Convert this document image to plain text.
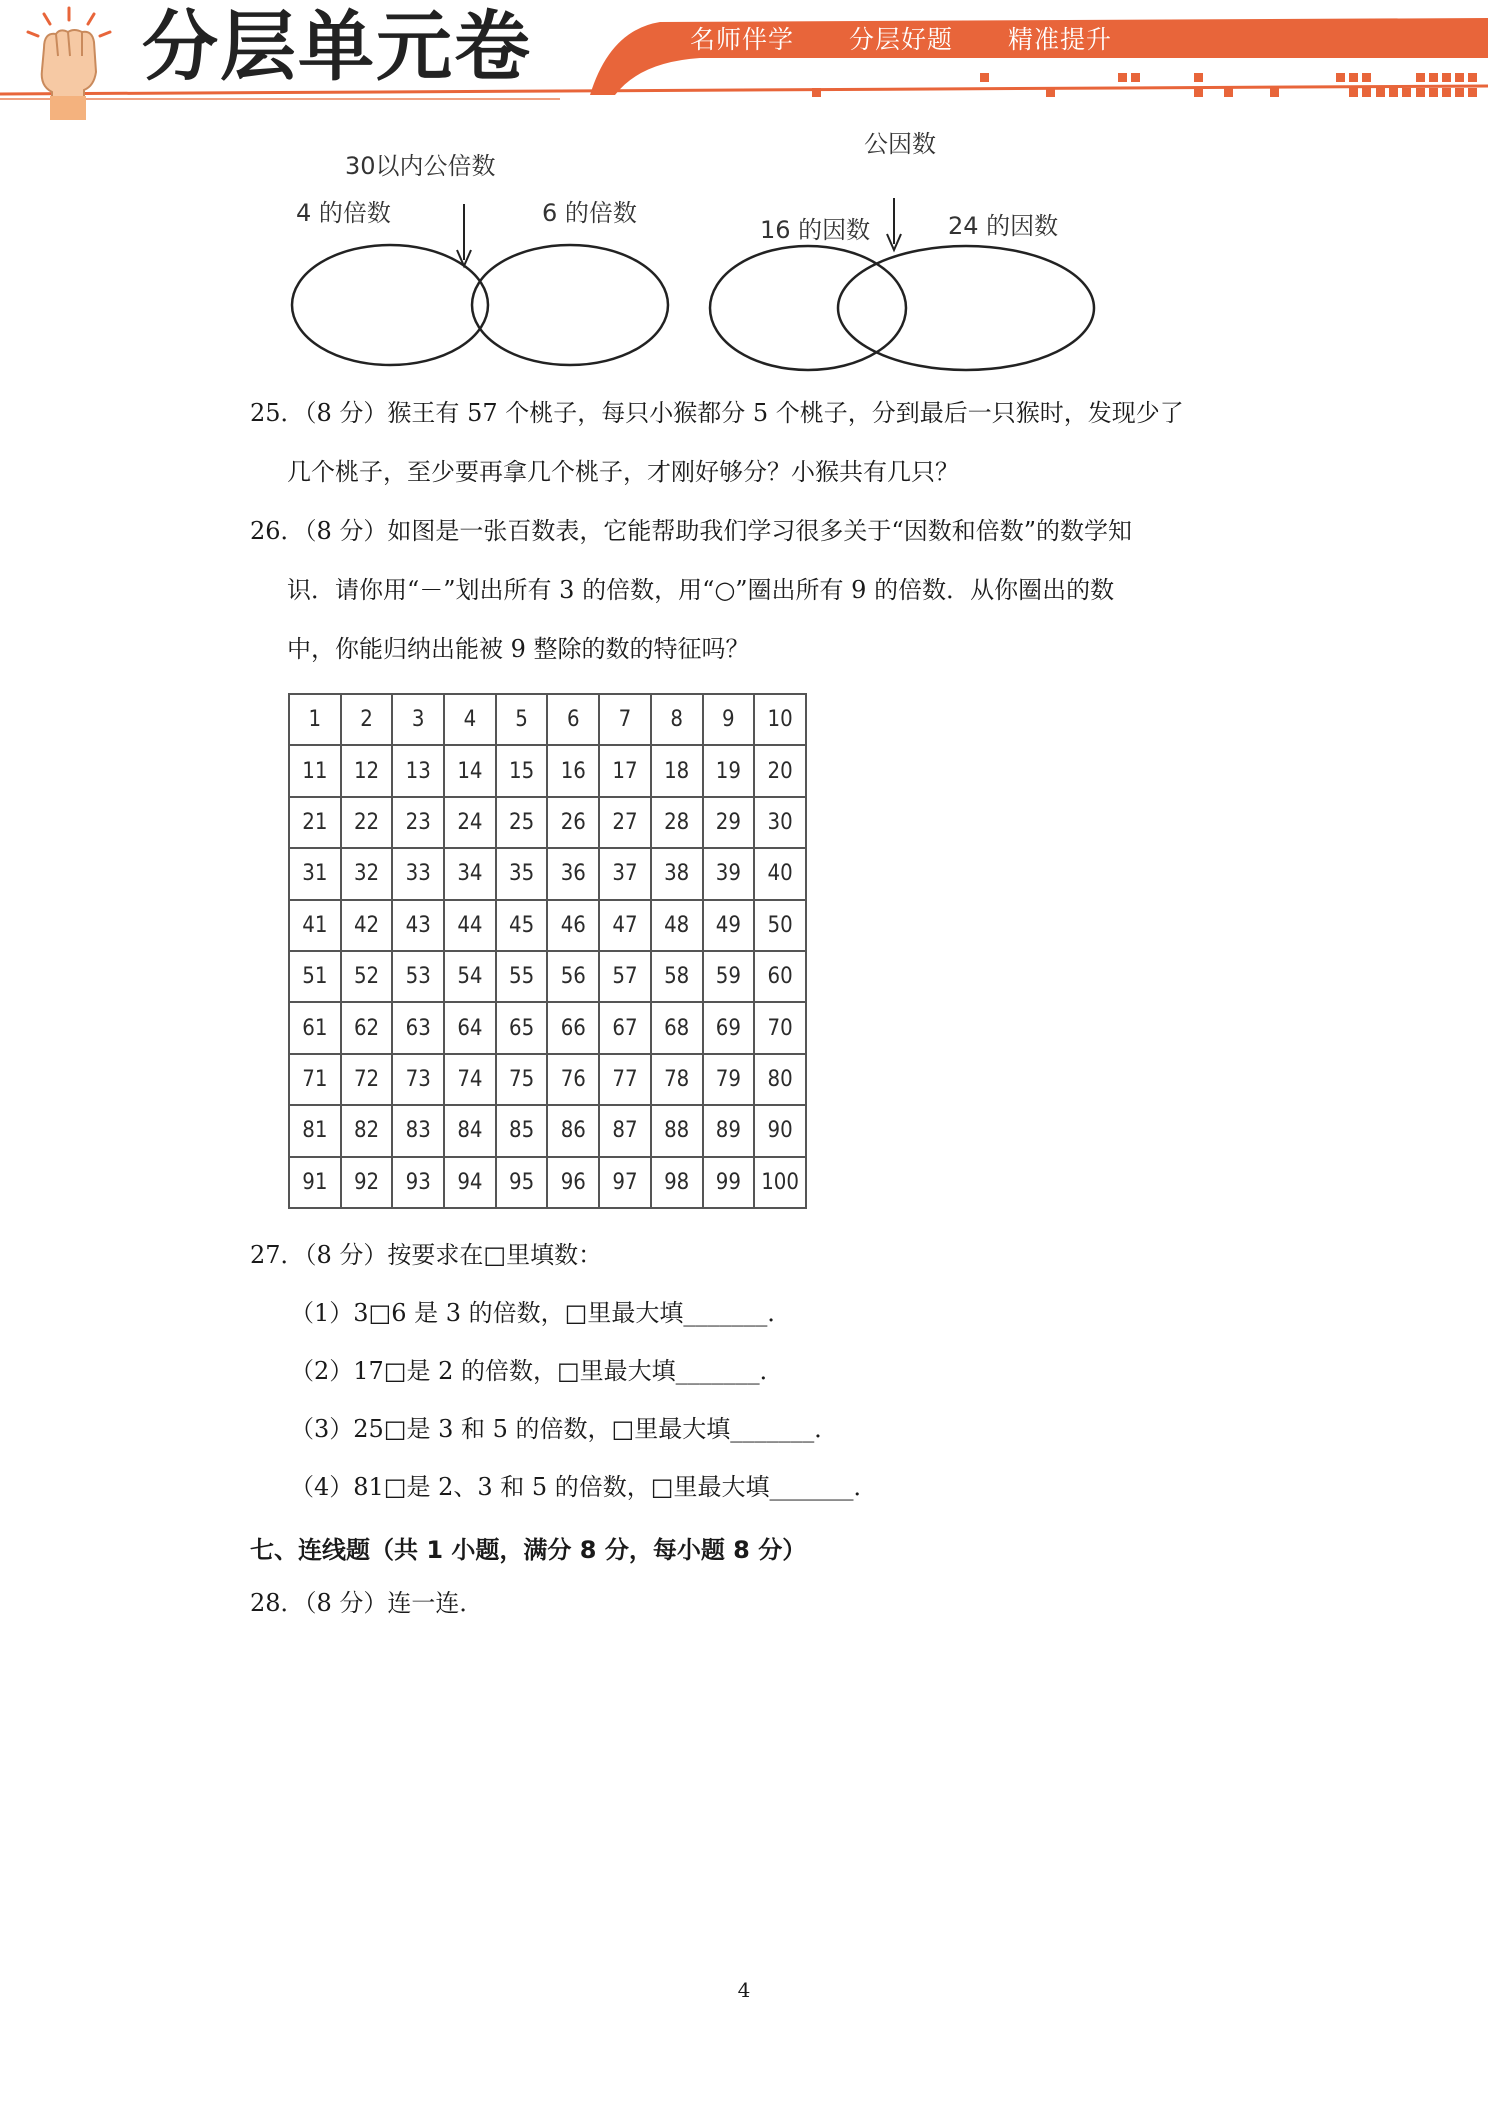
分层单元卷	名师伴学 分层好题 精准提升
30以内公倍数
4 的倍数	6 的倍数
公因数
16 的因数	24 的因数
25．（8 分）猴王有 57 个桃子，每只小猴都分 5 个桃子，分到最后一只猴时，发现少了
几个桃子，至少要再拿几个桃子，才刚好够分？小猴共有几只？
26．（8 分）如图是一张百数表，它能帮助我们学习很多关于“因数和倍数”的数学知
识．请你用“－”划出所有 3 的倍数，用“○”圈出所有 9 的倍数．从你圈出的数
中，你能归纳出能被 9 整除的数的特征吗？
1	2	3	4	5	6	7	8	9	10
11	12	13	14	15	16	17	18	19	20
21	22	23	24	25	26	27	28	29	30
31	32	33	34	35	36	37	38	39	40
41	42	43	44	45	46	47	48	49	50
51	52	53	54	55	56	57	58	59	60
61	62	63	64	65	66	67	68	69	70
71	72	73	74	75	76	77	78	79	80
81	82	83	84	85	86	87	88	89	90
91	92	93	94	95	96	97	98	99	100
27．（8 分）按要求在□里填数：
（1）3□6 是 3 的倍数，□里最大填_______．
（2）17□是 2 的倍数，□里最大填_______．
（3）25□是 3 和 5 的倍数，□里最大填_______．
（4）81□是 2、3 和 5 的倍数，□里最大填_______．
七、连线题（共 1 小题，满分 8 分，每小题 8 分）
28．（8 分）连一连．
4
